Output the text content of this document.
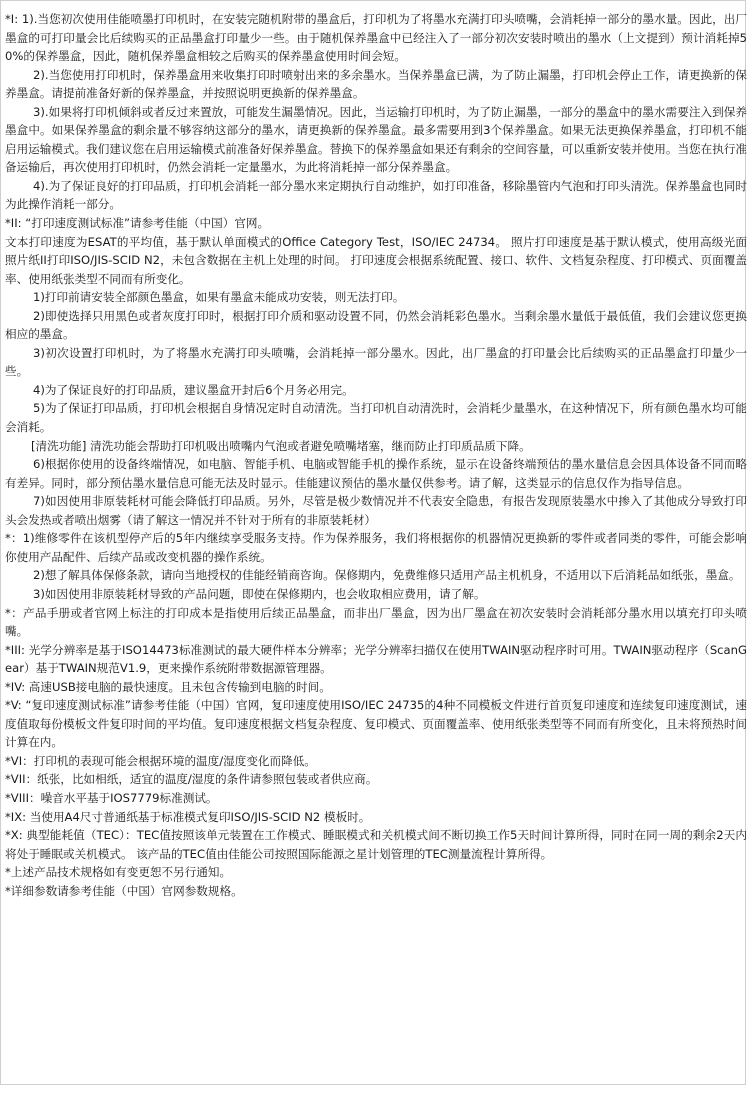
*I: 1).当您初次使用佳能喷墨打印机时，在安装完随机附带的墨盒后，打印机为了将墨水充满打印头喷嘴，会消耗掉一部分的墨水量。因此，出厂墨盒的可打印量会比后续购买的正品墨盒打印量少一些。由于随机保养墨盒中已经注入了一部分初次安装时喷出的墨水（上文提到）预计消耗掉50%的保养墨盒，因此，随机保养墨盒相较之后购买的保养墨盒使用时间会短。

2).当您使用打印机时，保养墨盒用来收集打印时喷射出来的多余墨水。当保养墨盒已满，为了防止漏墨，打印机会停止工作，请更换新的保养墨盒。请提前准备好新的保养墨盒，并按照说明更换新的保养墨盒。

3).如果将打印机倾斜或者反过来置放，可能发生漏墨情况。因此，当运输打印机时，为了防止漏墨，一部分的墨盒中的墨水需要注入到保养墨盒中。如果保养墨盒的剩余量不够容纳这部分的墨水，请更换新的保养墨盒。最多需要用到3个保养墨盒。如果无法更换保养墨盒，打印机不能启用运输模式。我们建议您在启用运输模式前准备好保养墨盒。替换下的保养墨盒如果还有剩余的空间容量，可以重新安装并使用。当您在执行准备运输后，再次使用打印机时，仍然会消耗一定量墨水，为此将消耗掉一部分保养墨盒。

4).为了保证良好的打印品质，打印机会消耗一部分墨水来定期执行自动维护，如打印准备，移除墨管内气泡和打印头清洗。保养墨盒也同时为此操作消耗一部分。

*II: “打印速度测试标准”请参考佳能（中国）官网。

文本打印速度为ESAT的平均值，基于默认单面模式的Office Category Test，ISO/IEC 24734。 照片打印速度是基于默认模式，使用高级光面照片纸II打印ISO/JIS-SCID N2，未包含数据在主机上处理的时间。 打印速度会根据系统配置、接口、软件、文档复杂程度、打印模式、页面覆盖率、使用纸张类型不同而有所变化。

1)打印前请安装全部颜色墨盒，如果有墨盒未能成功安装，则无法打印。

2)即使选择只用黑色或者灰度打印时，根据打印介质和驱动设置不同，仍然会消耗彩色墨水。当剩余墨水量低于最低值，我们会建议您更换相应的墨盒。

3)初次设置打印机时，为了将墨水充满打印头喷嘴，会消耗掉一部分墨水。因此，出厂墨盒的打印量会比后续购买的正品墨盒打印量少一些。

4)为了保证良好的打印品质，建议墨盒开封后6个月务必用完。

5)为了保证打印品质，打印机会根据自身情况定时自动清洗。当打印机自动清洗时，会消耗少量墨水，在这种情况下，所有颜色墨水均可能会消耗。

[清洗功能] 清洗功能会帮助打印机吸出喷嘴内气泡或者避免喷嘴堵塞，继而防止打印质品质下降。

6)根据你使用的设备终端情况，如电脑、智能手机、电脑或智能手机的操作系统，显示在设备终端预估的墨水量信息会因具体设备不同而略有差异。同时，部分预估墨水量信息可能无法及时显示。佳能建议预估的墨水量仅供参考。请了解，这类显示的信息仅作为指导信息。

7)如因使用非原装耗材可能会降低打印品质。另外，尽管是极少数情况并不代表安全隐患，有报告发现原装墨水中掺入了其他成分导致打印头会发热或者喷出烟雾（请了解这一情况并不针对于所有的非原装耗材）

*：1)维修零件在该机型停产后的5年内继续享受服务支持。作为保养服务，我们将根据你的机器情况更换新的零件或者同类的零件，可能会影响你使用产品配件、后续产品或改变机器的操作系统。

2)想了解具体保修条款，请向当地授权的佳能经销商咨询。保修期内，免费维修只适用产品主机机身，不适用以下后消耗品如纸张，墨盒。

3)如因使用非原装耗材导致的产品问题，即使在保修期内，也会收取相应费用，请了解。

*：产品手册或者官网上标注的打印成本是指使用后续正品墨盒，而非出厂墨盒，因为出厂墨盒在初次安装时会消耗部分墨水用以填充打印头喷嘴。

*III: 光学分辨率是基于ISO14473标准测试的最大硬件样本分辨率；光学分辨率扫描仅在使用TWAIN驱动程序时可用。TWAIN驱动程序（ScanGear）基于TWAIN规范V1.9，更来操作系统附带数据源管理器。

*IV: 高速USB接电脑的最快速度。且未包含传输到电脑的时间。

*V: “复印速度测试标准”请参考佳能（中国）官网，复印速度使用ISO/IEC 24735的4种不同模板文件进行首页复印速度和连续复印速度测试，速度值取每份模板文件复印时间的平均值。复印速度根据文档复杂程度、复印模式、页面覆盖率、使用纸张类型等不同而有所变化，且未将预热时间计算在内。

*VI：打印机的表现可能会根据环境的温度/湿度变化而降低。

*VII：纸张，比如相纸，适宜的温度/湿度的条件请参照包装或者供应商。

*VIII：噪音水平基于IOS7779标准测试。

*IX: 当使用A4尺寸普通纸基于标准模式复印ISO/JIS-SCID N2 模板时。

*X: 典型能耗值（TEC）：TEC值按照该单元装置在工作模式、睡眠模式和关机模式间不断切换工作5天时间计算所得，同时在同一周的剩余2天内将处于睡眠或关机模式。 该产品的TEC值由佳能公司按照国际能源之星计划管理的TEC测量流程计算所得。

*上述产品技术规格如有变更恕不另行通知。

*详细参数请参考佳能（中国）官网参数规格。
